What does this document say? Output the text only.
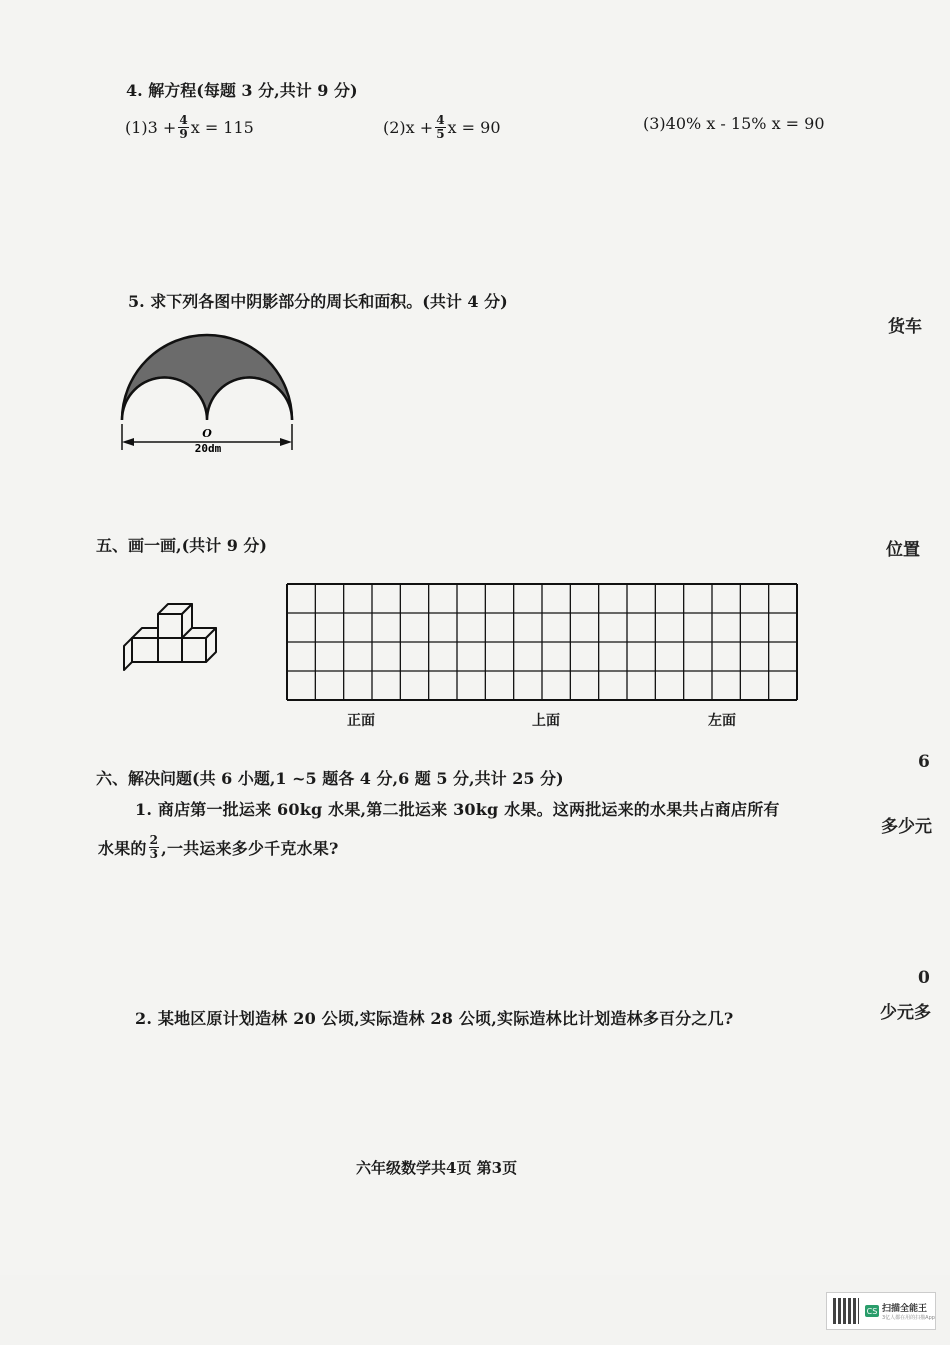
4. 解方程(每题 3 分,共计 9 分)
$(1)3 + \frac{4}{9}$ x = 115	$(2)x + \frac{4}{5}$ x = 90	(3)40% x - 15% x = 90
5. 求下列各图中阴影部分的周长和面积。(共计 4 分)
O
20dm
五、画一画,(共计 9 分)
正面	上面	左面
六、解决问题(共 6 小题,1 ~5 题各 4 分,6 题 5 分,共计 25 分)
1. 商店第一批运来 60kg 水果,第二批运来 30kg 水果。这两批运来的水果共占商店所有
水果的 $\frac{2}{3}$ ,一共运来多少千克水果?
2. 某地区原计划造林 20 公顷,实际造林 28 公顷,实际造林比计划造林多百分之几?
六年级数学共4页 第3页
货车
位置
6
多少元
0
少元多
CS 扫描全能王
3亿人都在用的扫描App
